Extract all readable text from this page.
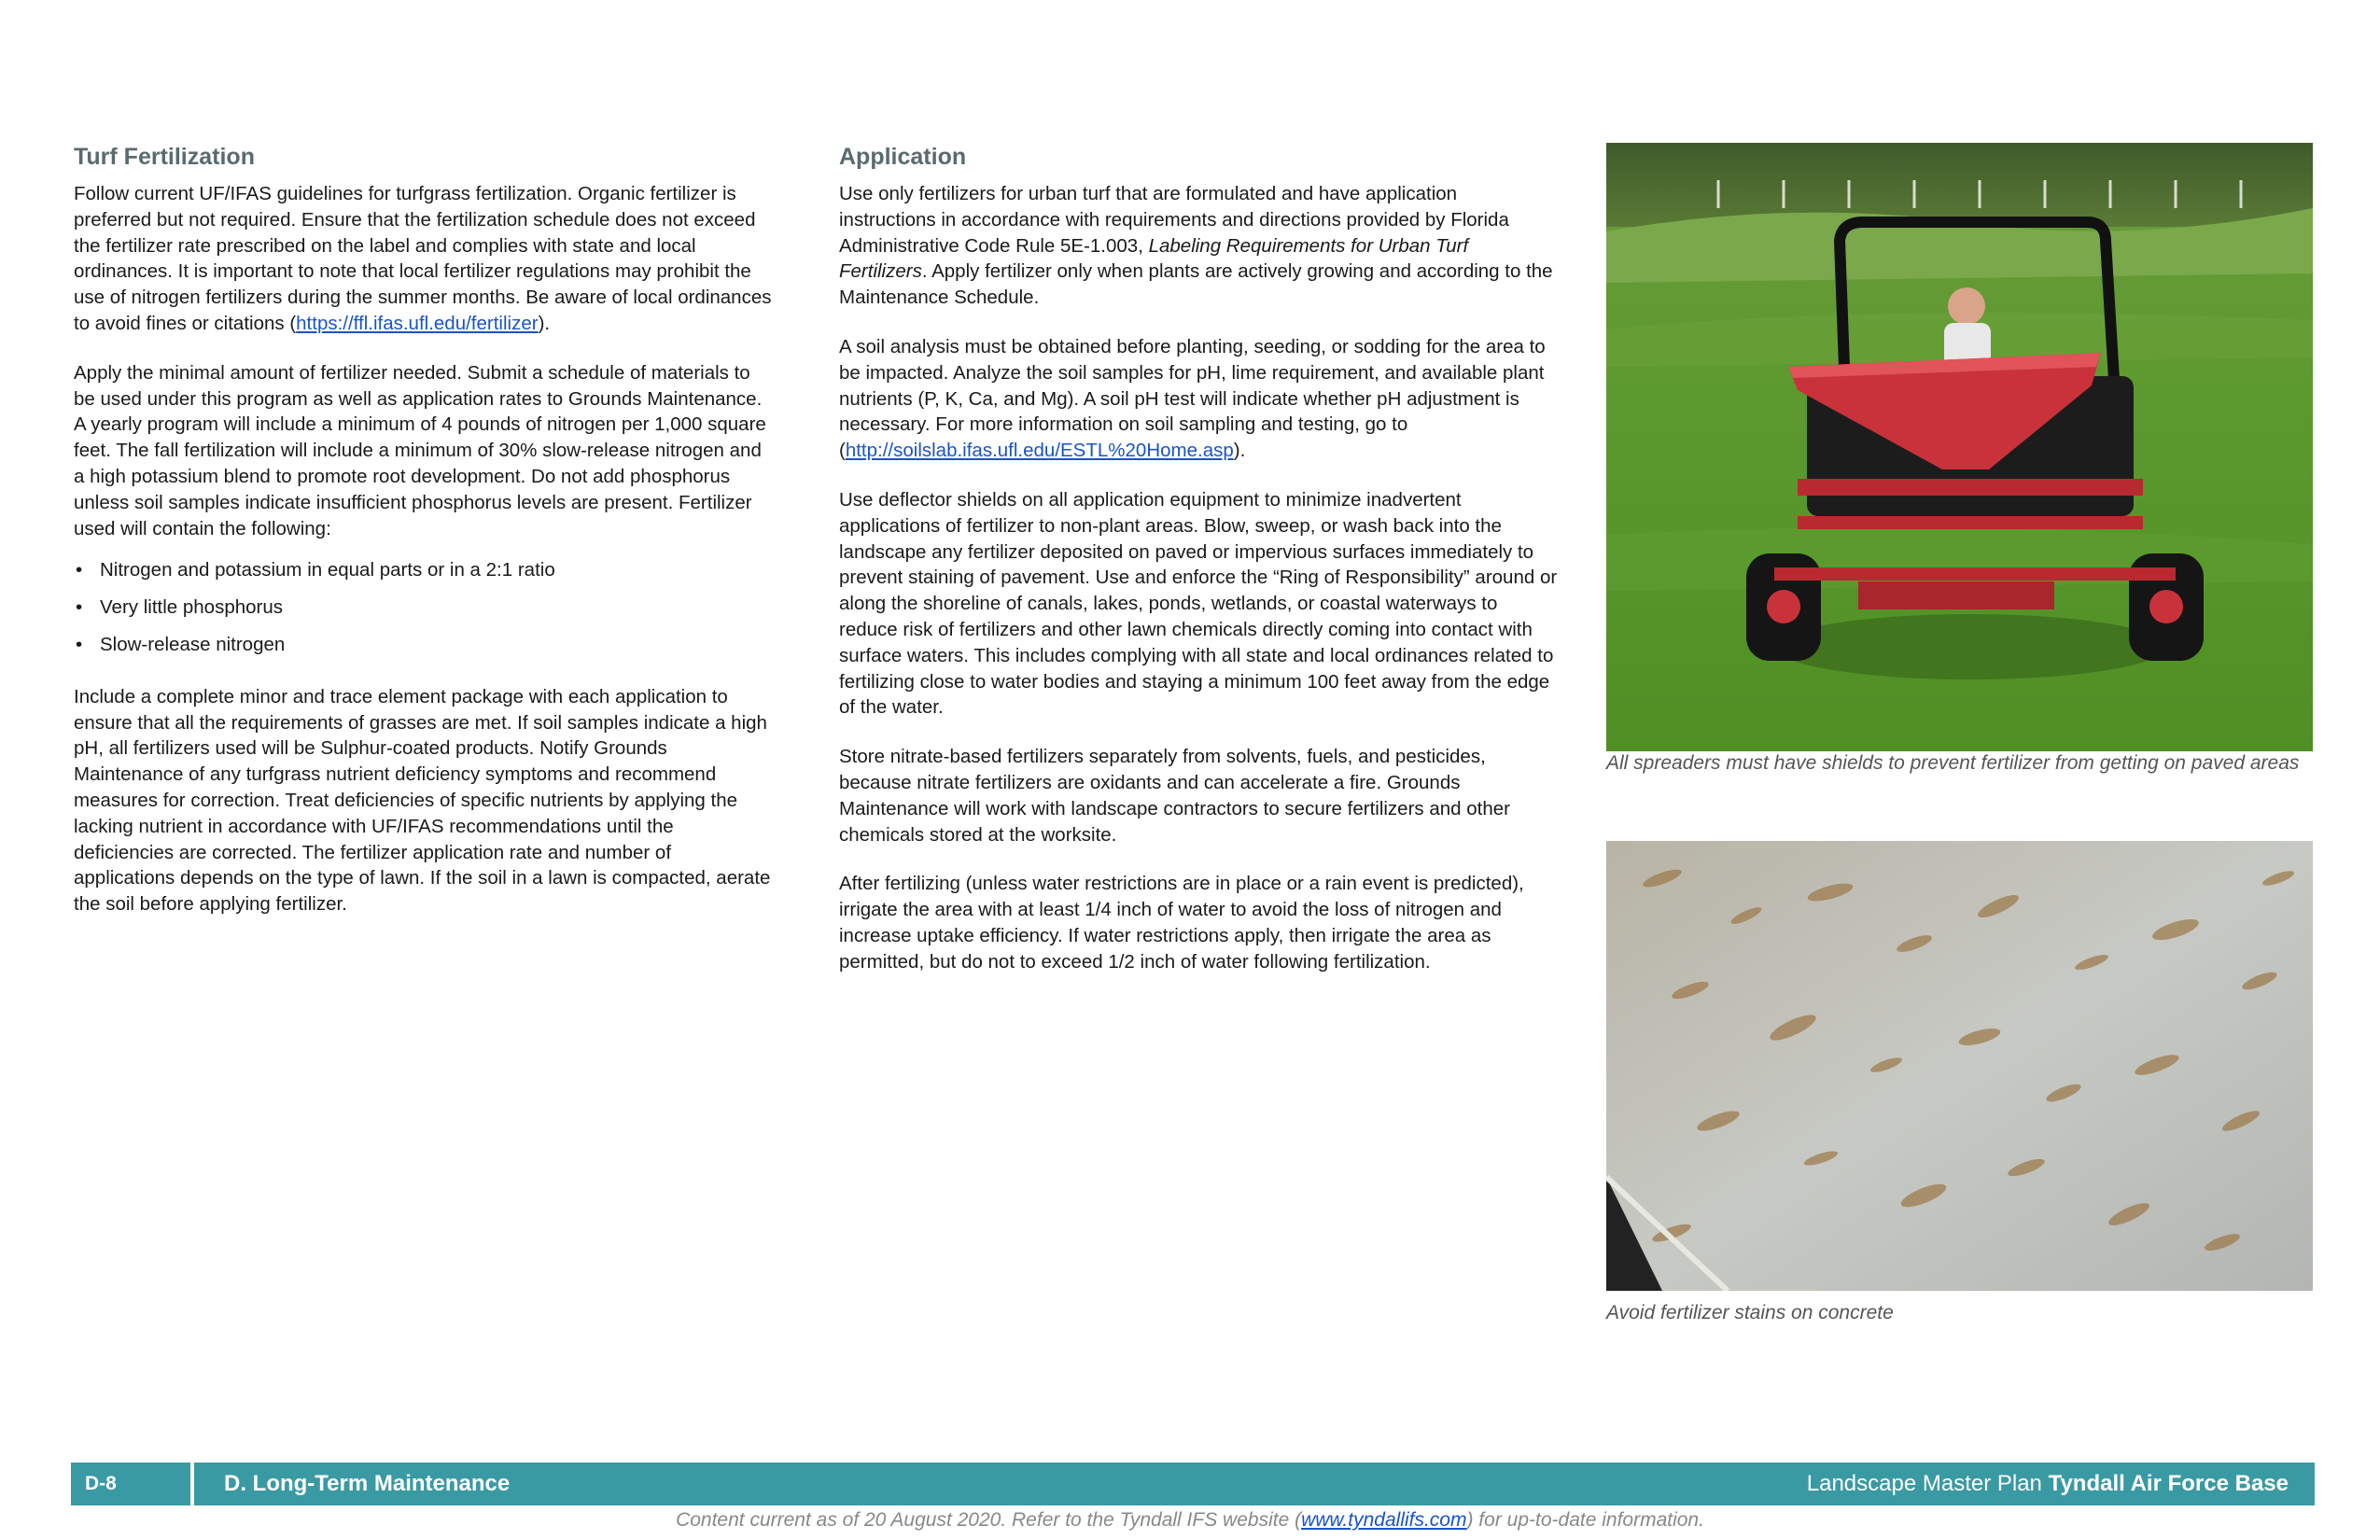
Turf Fertilization

Follow current UF/IFAS guidelines for turfgrass fertilization. Organic fertilizer is preferred but not required. Ensure that the fertilization schedule does not exceed the fertilizer rate prescribed on the label and complies with state and local ordinances. It is important to note that local fertilizer regulations may prohibit the use of nitrogen fertilizers during the summer months. Be aware of local ordinances to avoid fines or citations (https://ffl.ifas.ufl.edu/fertilizer).

Apply the minimal amount of fertilizer needed. Submit a schedule of materials to be used under this program as well as application rates to Grounds Maintenance. A yearly program will include a minimum of 4 pounds of nitrogen per 1,000 square feet. The fall fertilization will include a minimum of 30% slow-release nitrogen and a high potassium blend to promote root development. Do not add phosphorus unless soil samples indicate insufficient phosphorus levels are present. Fertilizer used will contain the following:

• Nitrogen and potassium in equal parts or in a 2:1 ratio
• Very little phosphorus
• Slow-release nitrogen

Include a complete minor and trace element package with each application to ensure that all the requirements of grasses are met. If soil samples indicate a high pH, all fertilizers used will be Sulphur-coated products. Notify Grounds Maintenance of any turfgrass nutrient deficiency symptoms and recommend measures for correction. Treat deficiencies of specific nutrients by applying the lacking nutrient in accordance with UF/IFAS recommendations until the deficiencies are corrected. The fertilizer application rate and number of applications depends on the type of lawn. If the soil in a lawn is compacted, aerate the soil before applying fertilizer.

Application

Use only fertilizers for urban turf that are formulated and have application instructions in accordance with requirements and directions provided by Florida Administrative Code Rule 5E-1.003, Labeling Requirements for Urban Turf Fertilizers. Apply fertilizer only when plants are actively growing and according to the Maintenance Schedule.

A soil analysis must be obtained before planting, seeding, or sodding for the area to be impacted. Analyze the soil samples for pH, lime requirement, and available plant nutrients (P, K, Ca, and Mg). A soil pH test will indicate whether pH adjustment is necessary. For more information on soil sampling and testing, go to (http://soilslab.ifas.ufl.edu/ESTL%20Home.asp).

Use deflector shields on all application equipment to minimize inadvertent applications of fertilizer to non-plant areas. Blow, sweep, or wash back into the landscape any fertilizer deposited on paved or impervious surfaces immediately to prevent staining of pavement. Use and enforce the “Ring of Responsibility” around or along the shoreline of canals, lakes, ponds, wetlands, or coastal waterways to reduce risk of fertilizers and other lawn chemicals directly coming into contact with surface waters. This includes complying with all state and local ordinances related to fertilizing close to water bodies and staying a minimum 100 feet away from the edge of the water.

Store nitrate-based fertilizers separately from solvents, fuels, and pesticides, because nitrate fertilizers are oxidants and can accelerate a fire. Grounds Maintenance will work with landscape contractors to secure fertilizers and other chemicals stored at the worksite.

After fertilizing (unless water restrictions are in place or a rain event is predicted), irrigate the area with at least 1/4 inch of water to avoid the loss of nitrogen and increase uptake efficiency. If water restrictions apply, then irrigate the area as permitted, but do not to exceed 1/2 inch of water following fertilization.

All spreaders must have shields to prevent fertilizer from getting on paved areas
Avoid fertilizer stains on concrete
D-8	D. Long-Term Maintenance	Landscape Master Plan Tyndall Air Force Base
Content current as of 20 August 2020. Refer to the Tyndall IFS website (www.tyndallifs.com) for up-to-date information.
